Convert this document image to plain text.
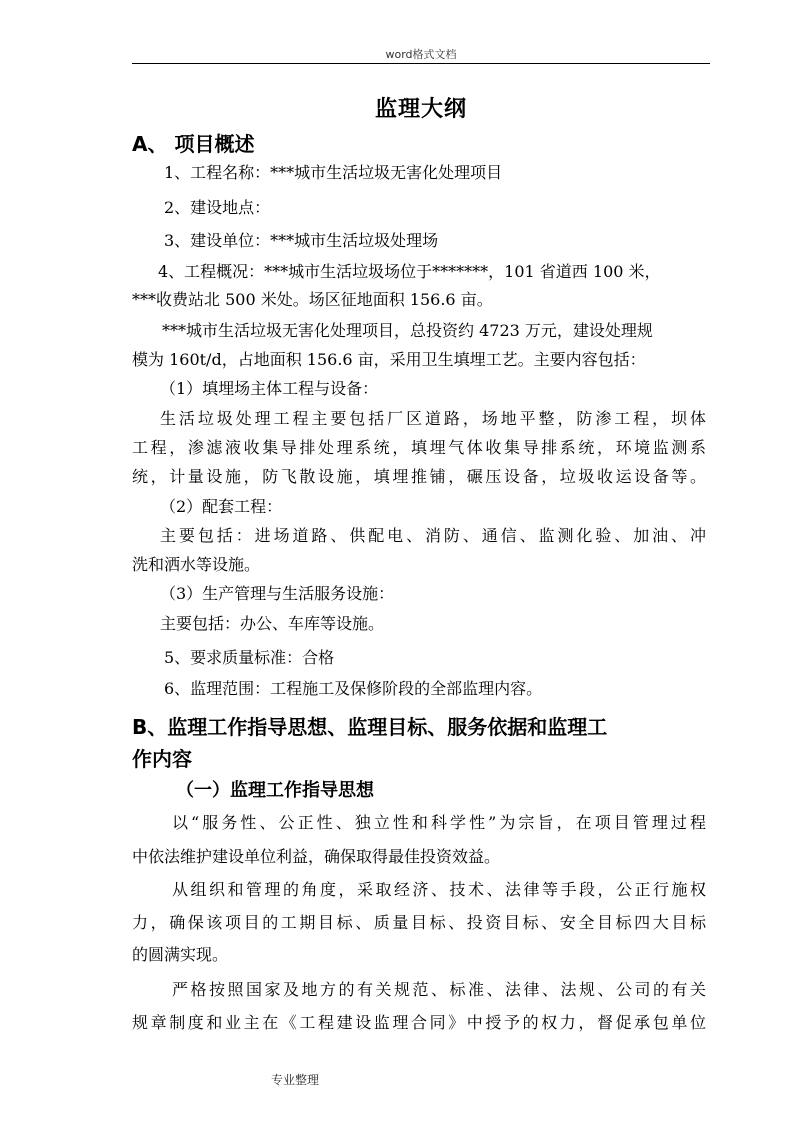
word格式文档
监理大纲
A、 项目概述
1、工程名称：***城市生活垃圾无害化处理项目
2、建设地点：
3、建设单位：***城市生活垃圾处理场
4、工程概况：***城市生活垃圾场位于*******，101 省道西 100 米，
***收费站北 500 米处。场区征地面积 156.6 亩。
***城市生活垃圾无害化处理项目，总投资约 4723 万元，建设处理规
模为 160t/d，占地面积 156.6 亩，采用卫生填埋工艺。主要内容包括：
（1）填埋场主体工程与设备：
生活垃圾处理工程主要包括厂区道路，场地平整，防渗工程，坝体
工程，渗滤液收集导排处理系统，填埋气体收集导排系统，环境监测系
统，计量设施，防飞散设施，填埋推铺，碾压设备，垃圾收运设备等。
（2）配套工程：
主要包括：进场道路、供配电、消防、通信、监测化验、加油、冲
洗和洒水等设施。
（3）生产管理与生活服务设施：
主要包括：办公、车库等设施。
5、要求质量标准：合格
6、监理范围：工程施工及保修阶段的全部监理内容。
B、监理工作指导思想、监理目标、服务依据和监理工
作内容
（一）监理工作指导思想
以“服务性、公正性、独立性和科学性”为宗旨，在项目管理过程
中依法维护建设单位利益，确保取得最佳投资效益。
从组织和管理的角度，采取经济、技术、法律等手段，公正行施权
力，确保该项目的工期目标、质量目标、投资目标、安全目标四大目标
的圆满实现。
严格按照国家及地方的有关规范、标准、法律、法规、公司的有关
规章制度和业主在《工程建设监理合同》中授予的权力，督促承包单位
专业整理
